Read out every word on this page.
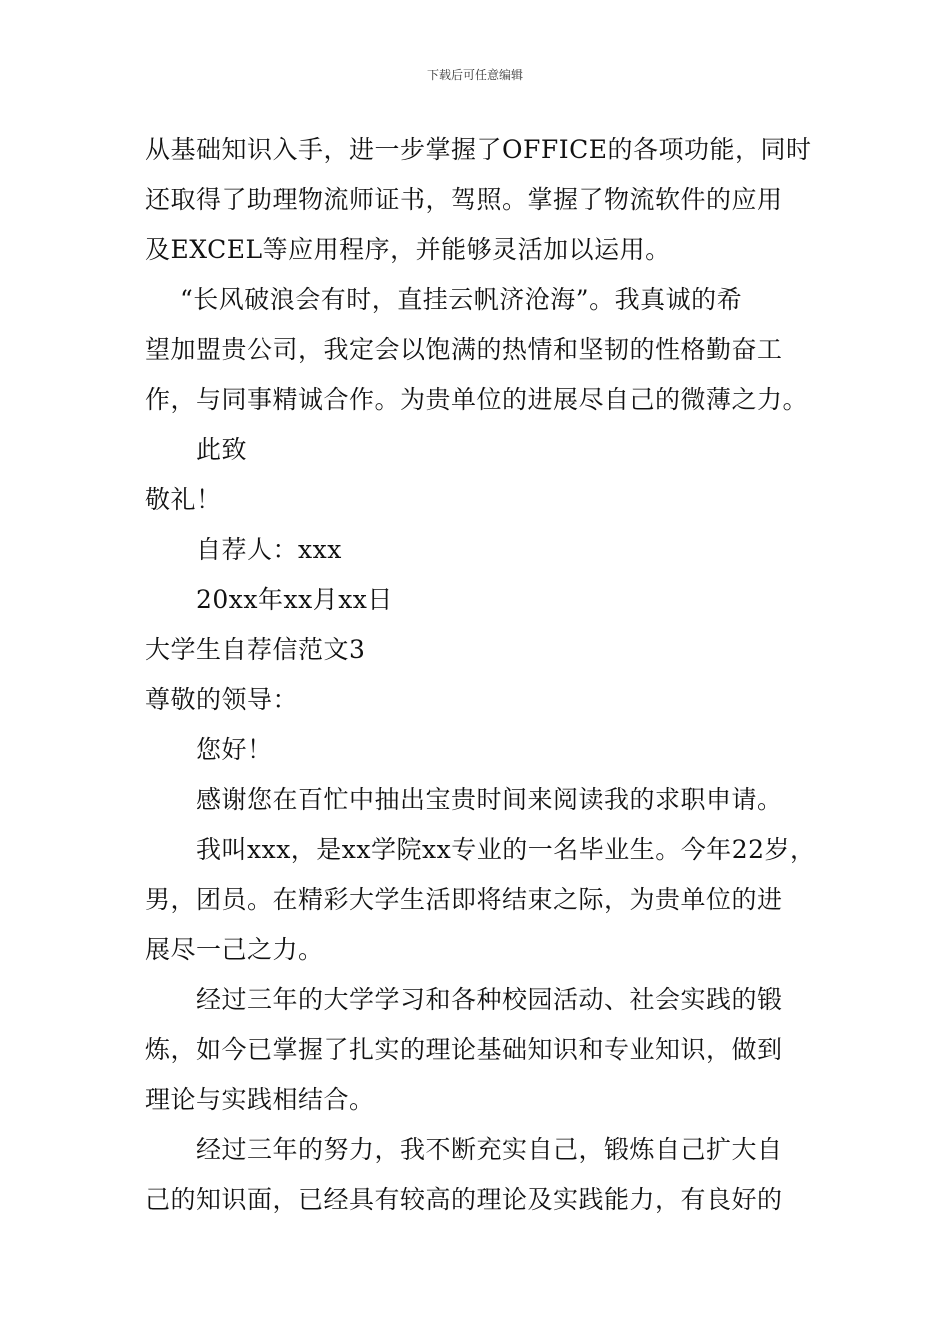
下载后可任意编辑
从基础知识入手，进一步掌握了OFFICE的各项功能，同时
还取得了助理物流师证书，驾照。掌握了物流软件的应用
及EXCEL等应用程序，并能够灵活加以运用。
“长风破浪会有时，直挂云帆济沧海”。我真诚的希
望加盟贵公司，我定会以饱满的热情和坚韧的性格勤奋工
作，与同事精诚合作。为贵单位的进展尽自己的微薄之力。
此致
敬礼！
自荐人：xxx
20xx年xx月xx日
大学生自荐信范文3
尊敬的领导：
您好！
感谢您在百忙中抽出宝贵时间来阅读我的求职申请。
我叫xxx，是xx学院xx专业的一名毕业生。今年22岁，
男，团员。在精彩大学生活即将结束之际，为贵单位的进
展尽一己之力。
经过三年的大学学习和各种校园活动、社会实践的锻
炼，如今已掌握了扎实的理论基础知识和专业知识，做到
理论与实践相结合。
经过三年的努力，我不断充实自己，锻炼自己扩大自
己的知识面，已经具有较高的理论及实践能力，有良好的
